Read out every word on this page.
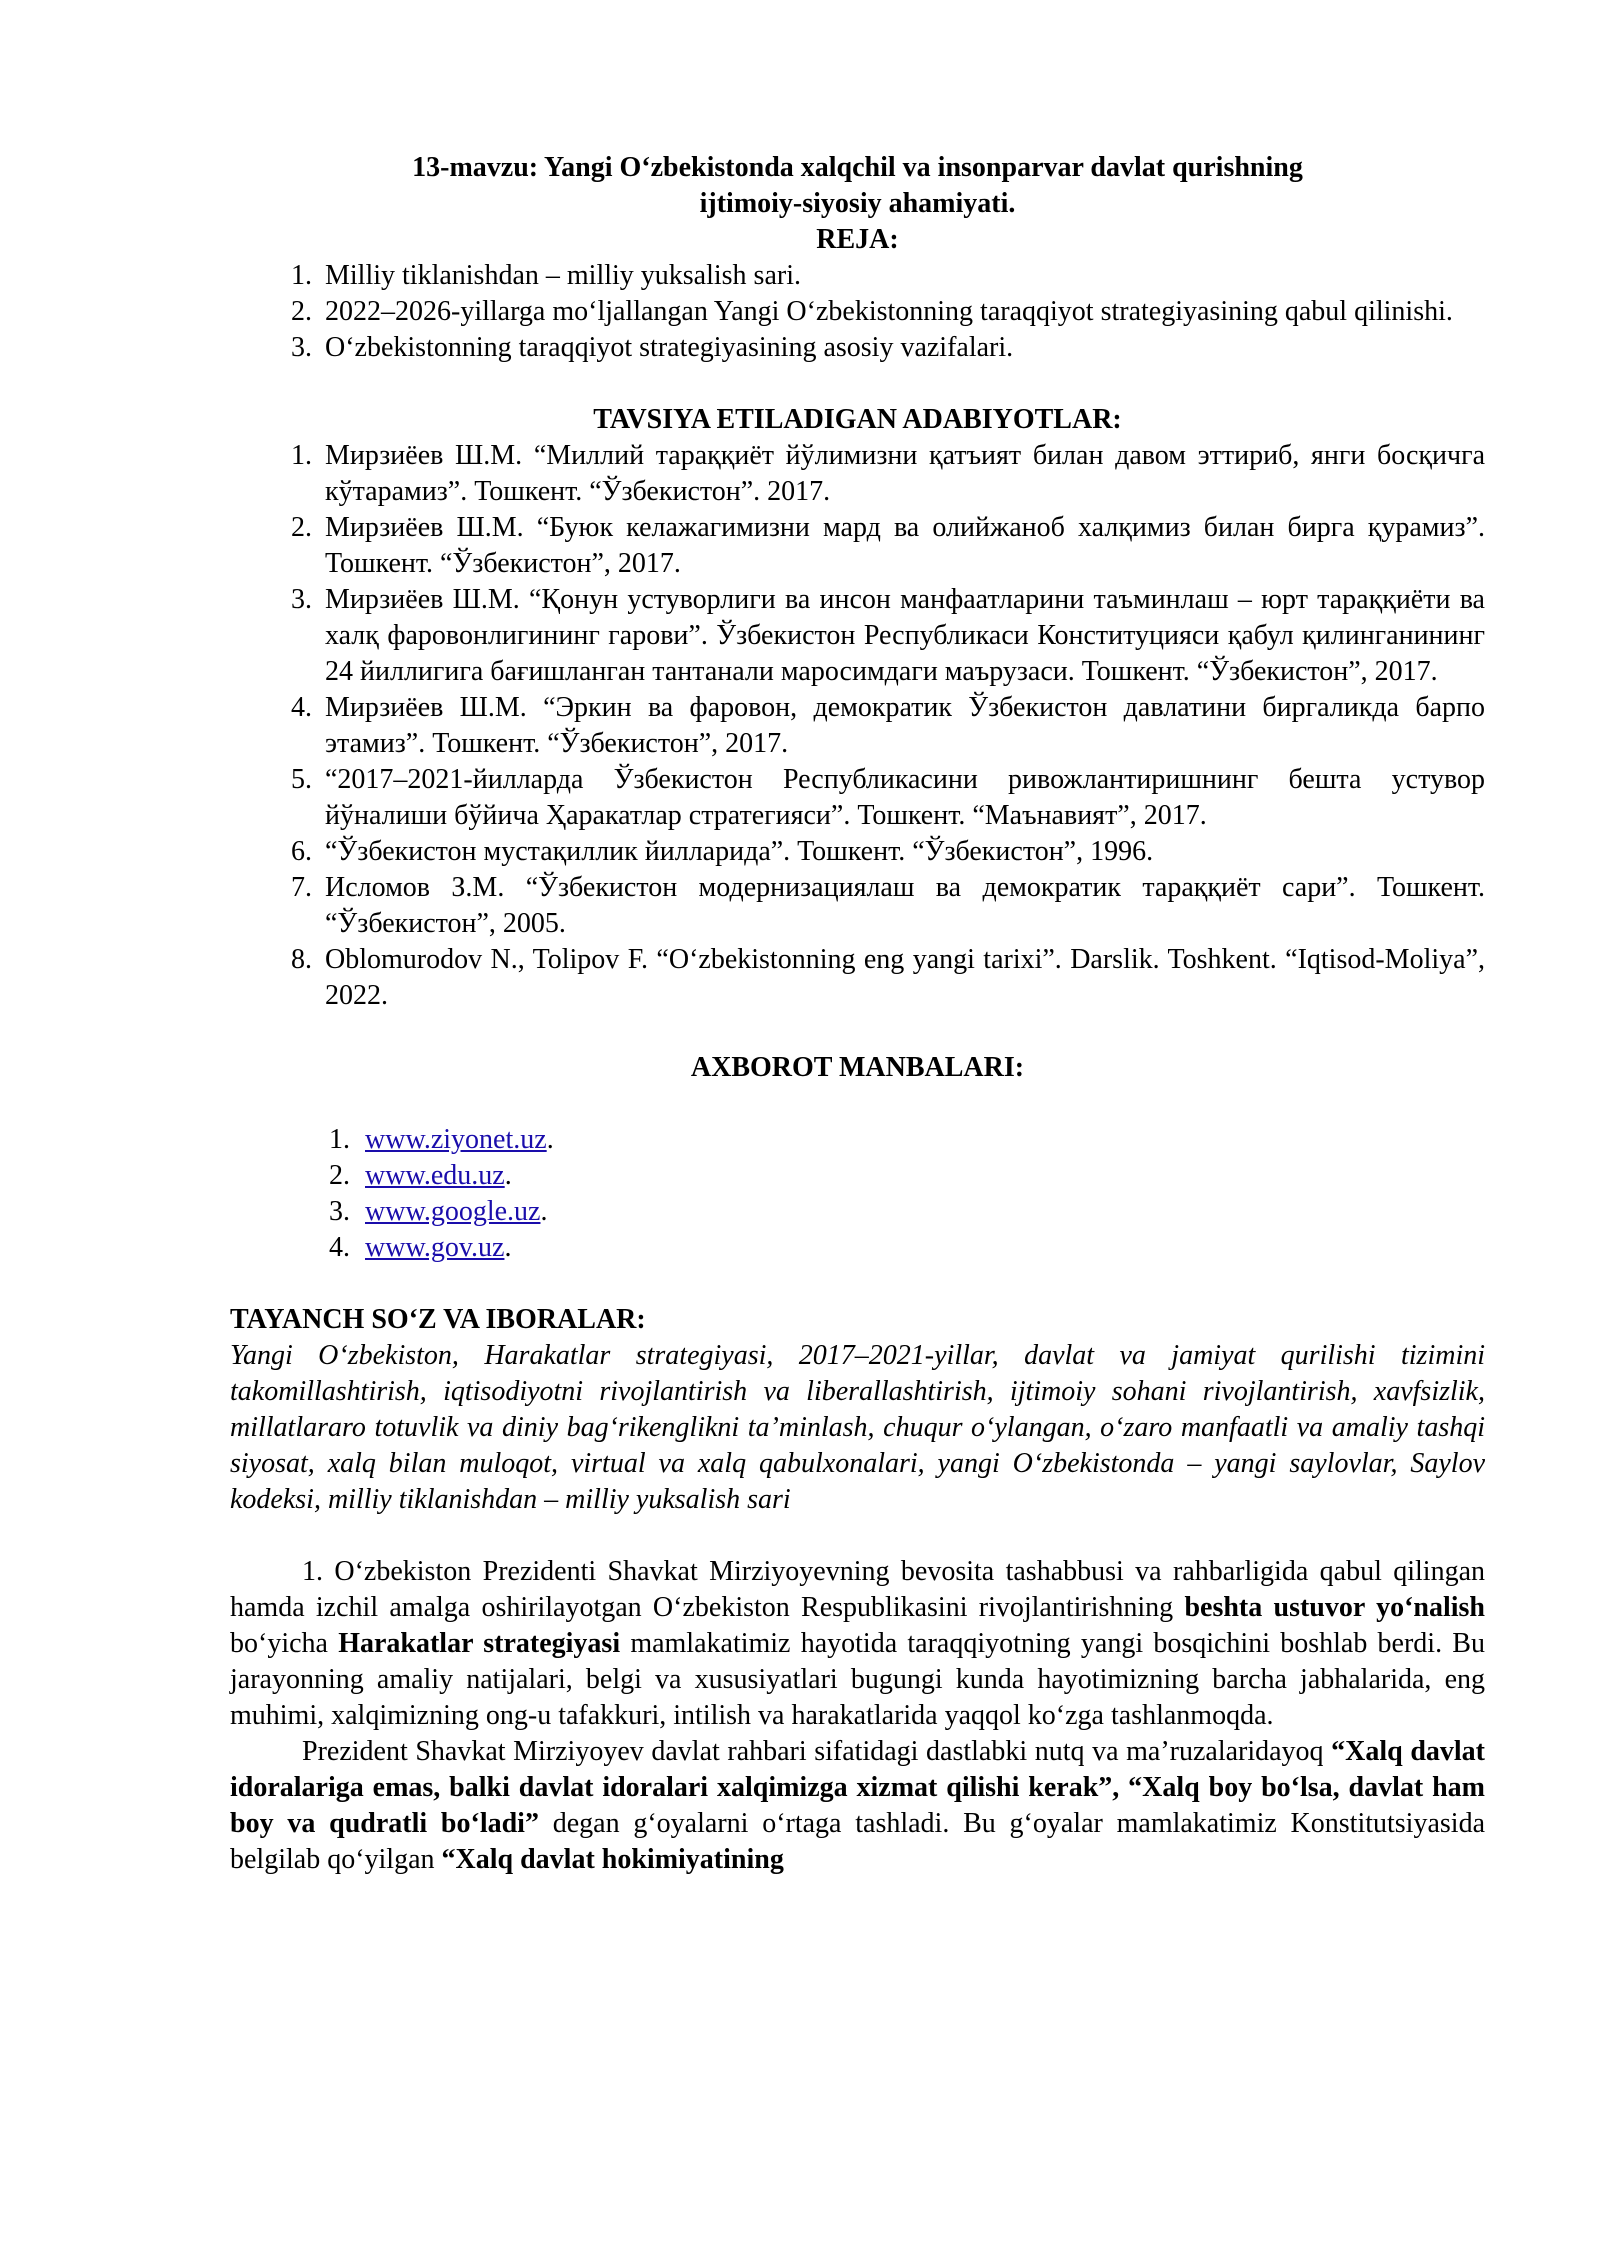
13-mavzu: Yangi O‘zbekistonda xalqchil va insonparvar davlat qurishning

ijtimoiy-siyosiy ahamiyati.

REJA:

1. Milliy tiklanishdan – milliy yuksalish sari.
2. 2022–2026-yillarga mo‘ljallangan Yangi O‘zbekistonning taraqqiyot strategiyasining qabul qilinishi.
3. O‘zbekistonning taraqqiyot strategiyasining asosiy vazifalari.

TAVSIYA ETILADIGAN ADABIYOTLAR:

1. Мирзиёев Ш.М. “Миллий тараққиёт йўлимизни қатъият билан давом эттириб, янги босқичга кўтарамиз”. Тошкент. “Ўзбекистон”. 2017.
2. Мирзиёев Ш.М. “Буюк келажагимизни мард ва олийжаноб халқимиз билан бирга қурамиз”. Тошкент. “Ўзбекистон”, 2017.
3. Мирзиёев Ш.М. “Қонун устуворлиги ва инсон манфаатларини таъминлаш – юрт тараққиёти ва халқ фаровонлигининг гарови”. Ўзбекистон Республикаси Конституцияси қабул қилинганининг 24 йиллигига бағишланган тантанали маросимдаги маърузаси. Тошкент. “Ўзбекистон”, 2017.
4. Мирзиёев Ш.М. “Эркин ва фаровон, демократик Ўзбекистон давлатини биргаликда барпо этамиз”. Тошкент. “Ўзбекистон”, 2017.
5. “2017–2021-йилларда Ўзбекистон Республикасини ривожлантиришнинг бешта устувор йўналиши бўйича Ҳаракатлар стратегияси”. Тошкент. “Маънавият”, 2017.
6. “Ўзбекистон мустақиллик йилларида”. Тошкент. “Ўзбекистон”, 1996.
7. Исломов З.М. “Ўзбекистон модернизациялаш ва демократик тараққиёт сари”. Тошкент. “Ўзбекистон”, 2005.
8. Oblomurodov N., Tolipov F. “O‘zbekistonning eng yangi tarixi”. Darslik. Toshkent. “Iqtisod-Moliya”, 2022.

AXBOROT MANBALARI:

1. www.ziyonet.uz.
2. www.edu.uz.
3. www.google.uz.
4. www.gov.uz.

TAYANCH SO‘Z VA IBORALAR:

Yangi O‘zbekiston, Harakatlar strategiyasi, 2017–2021-yillar, davlat va jamiyat qurilishi tizimini takomillashtirish, iqtisodiyotni rivojlantirish va liberallashtirish, ijtimoiy sohani rivojlantirish, xavfsizlik, millatlararo totuvlik va diniy bag‘rikenglikni ta’minlash, chuqur o‘ylangan, o‘zaro manfaatli va amaliy tashqi siyosat, xalq bilan muloqot, virtual va xalq qabulxonalari, yangi O‘zbekistonda – yangi saylovlar, Saylov kodeksi, milliy tiklanishdan – milliy yuksalish sari

1. O‘zbekiston Prezidenti Shavkat Mirziyoyevning bevosita tashabbusi va rahbarligida qabul qilingan hamda izchil amalga oshirilayotgan O‘zbekiston Respublikasini rivojlantirishning beshta ustuvor yo‘nalish bo‘yicha Harakatlar strategiyasi mamlakatimiz hayotida taraqqiyotning yangi bosqichini boshlab berdi. Bu jarayonning amaliy natijalari, belgi va xususiyatlari bugungi kunda hayotimizning barcha jabhalarida, eng muhimi, xalqimizning ong-u tafakkuri, intilish va harakatlarida yaqqol ko‘zga tashlanmoqda.

Prezident Shavkat Mirziyoyev davlat rahbari sifatidagi dastlabki nutq va ma’ruzalaridayoq “Xalq davlat idoralariga emas, balki davlat idoralari xalqimizga xizmat qilishi kerak”, “Xalq boy bo‘lsa, davlat ham boy va qudratli bo‘ladi” degan g‘oyalarni o‘rtaga tashladi. Bu g‘oyalar mamlakatimiz Konstitutsiyasida belgilab qo‘yilgan “Xalq davlat hokimiyatining
